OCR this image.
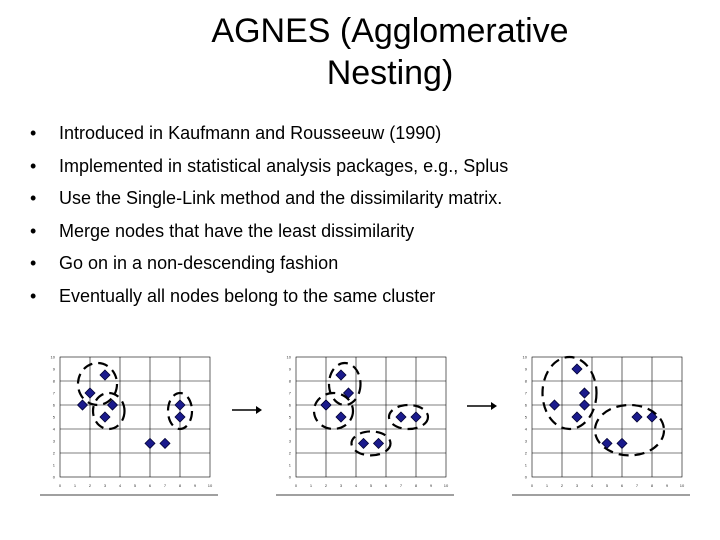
AGNES (Agglomerative
Nesting)
•	Introduced in Kaufmann and Rousseeuw (1990)
•	Implemented in statistical analysis packages, e.g., Splus
•	Use the Single-Link method and the dissimilarity matrix.
•	Merge nodes that have the least dissimilarity
•	Go on in a non-descending fashion
•	Eventually all nodes belong to the same cluster
0	1	2	3	4	5	6	7	8	9	10
0
1
2
3
4
5
6
7
8
9
10
0	1	2	3	4	5	6	7	8	9	10
0
1
2
3
4
5
6
7
8
9
10
0	1	2	3	4	5	6	7	8	9	10
0
1
2
3
4
5
6
7
8
9
10
